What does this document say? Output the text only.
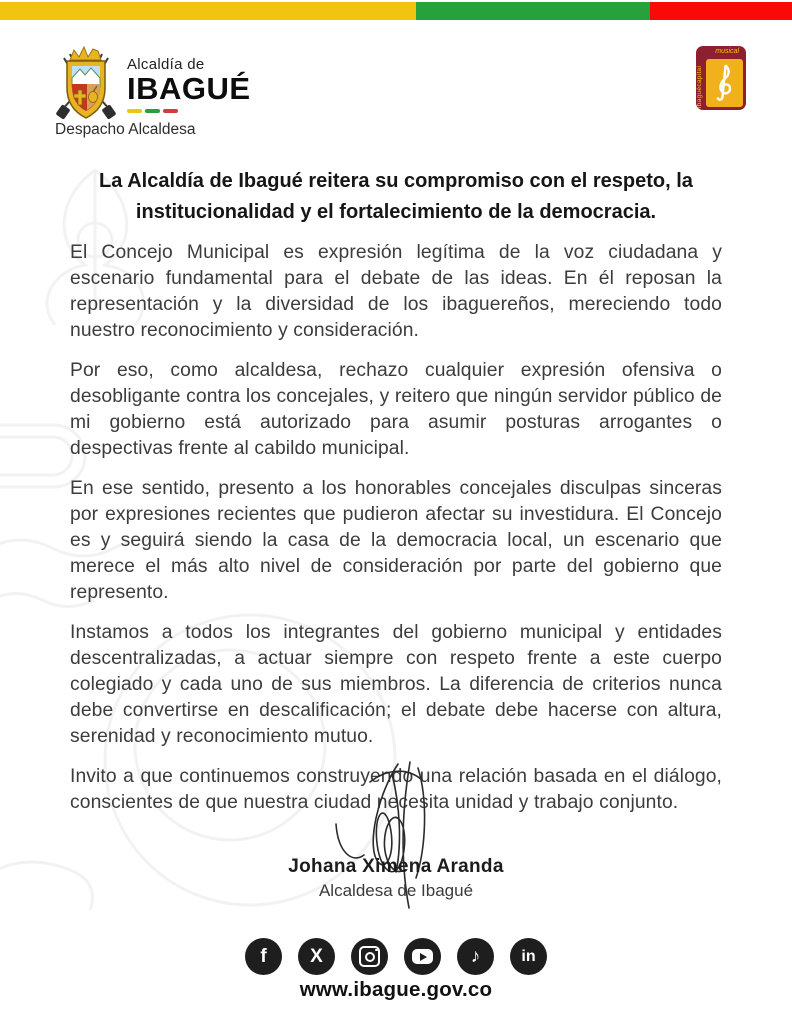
Alcaldía de
IBAGUÉ
Despacho Alcaldesa
musical
ibaguécapital
La Alcaldía de Ibagué reitera su compromiso con el respeto, la institucionalidad y el fortalecimiento de la democracia.

El Concejo Municipal es expresión legítima de la voz ciudadana y escenario fundamental para el debate de las ideas. En él reposan la representación y la diversidad de los ibaguereños, mereciendo todo nuestro reconocimiento y consideración.

Por eso, como alcaldesa, rechazo cualquier expresión ofensiva o desobligante contra los concejales, y reitero que ningún servidor público de mi gobierno está autorizado para asumir posturas arrogantes o despectivas frente al cabildo municipal.

En ese sentido, presento a los honorables concejales disculpas sinceras por expresiones recientes que pudieron afectar su investidura. El Concejo es y seguirá siendo la casa de la democracia local, un escenario que merece el más alto nivel de consideración por parte del gobierno que represento.

Instamos a todos los integrantes del gobierno municipal y entidades descentralizadas, a actuar siempre con respeto frente a este cuerpo colegiado y cada uno de sus miembros. La diferencia de criterios nunca debe convertirse en descalificación; el debate debe hacerse con altura, serenidad y reconocimiento mutuo.

Invito a que continuemos construyendo una relación basada en el diálogo, conscientes de que nuestra ciudad necesita unidad y trabajo conjunto.

Johana Ximena Aranda
Alcaldesa de Ibagué
f X	♪	in
www.ibague.gov.co
